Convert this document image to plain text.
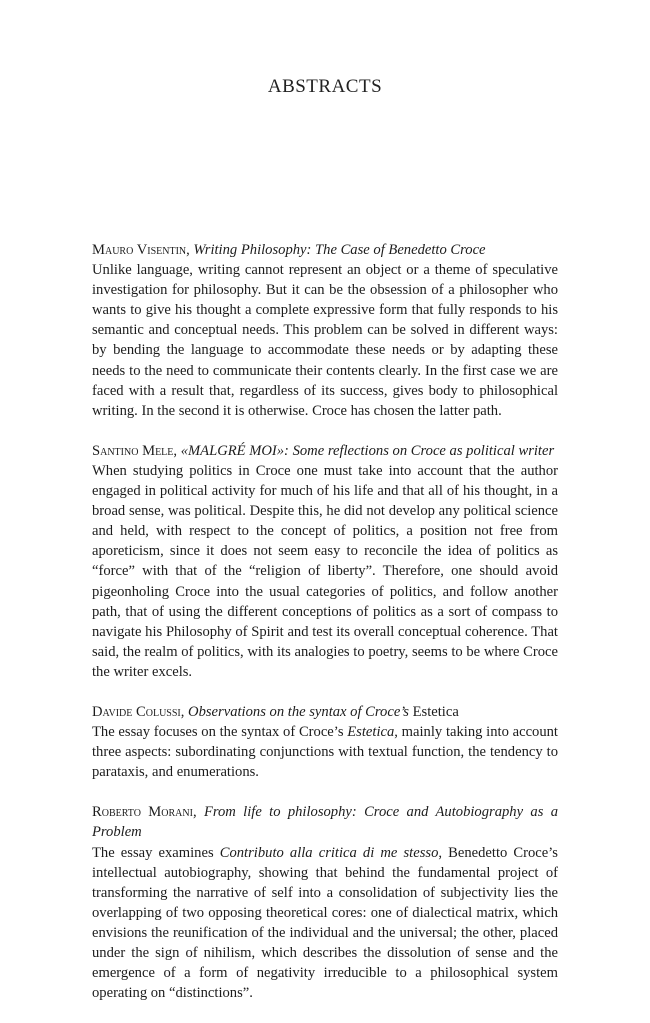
ABSTRACTS

Mauro Visentin, Writing Philosophy: The Case of Benedetto Croce

Unlike language, writing cannot represent an object or a theme of speculative investigation for philosophy. But it can be the obsession of a philosopher who wants to give his thought a complete expressive form that fully responds to his semantic and conceptual needs. This problem can be solved in different ways: by bending the language to accommodate these needs or by adapting these needs to the need to communicate their contents clearly. In the first case we are faced with a result that, regardless of its success, gives body to philosophical writing. In the second it is otherwise. Croce has chosen the latter path.

Santino Mele, «MALGRÉ MOI»: Some reflections on Croce as political writer

When studying politics in Croce one must take into account that the author engaged in political activity for much of his life and that all of his thought, in a broad sense, was political. Despite this, he did not develop any political science and held, with respect to the concept of politics, a position not free from aporeticism, since it does not seem easy to reconcile the idea of politics as “force” with that of the “religion of liberty”. Therefore, one should avoid pigeonholing Croce into the usual categories of politics, and follow another path, that of using the different conceptions of politics as a sort of compass to navigate his Philosophy of Spirit and test its overall conceptual coherence. That said, the realm of politics, with its analogies to poetry, seems to be where Croce the writer excels.

Davide Colussi, Observations on the syntax of Croce’s Estetica

The essay focuses on the syntax of Croce’s Estetica, mainly taking into account three aspects: subordinating conjunctions with textual function, the tendency to parataxis, and enumerations.

Roberto Morani, From life to philosophy: Croce and Autobiography as a Problem

The essay examines Contributo alla critica di me stesso, Benedetto Croce’s intellectual autobiography, showing that behind the fundamental project of transforming the narrative of self into a consolidation of subjectivity lies the overlapping of two opposing theoretical cores: one of dialectical matrix, which envisions the reunification of the individual and the universal; the other, placed under the sign of nihilism, which describes the dissolution of sense and the emergence of a form of negativity irreducible to a philosophical system operating on “distinctions”.
